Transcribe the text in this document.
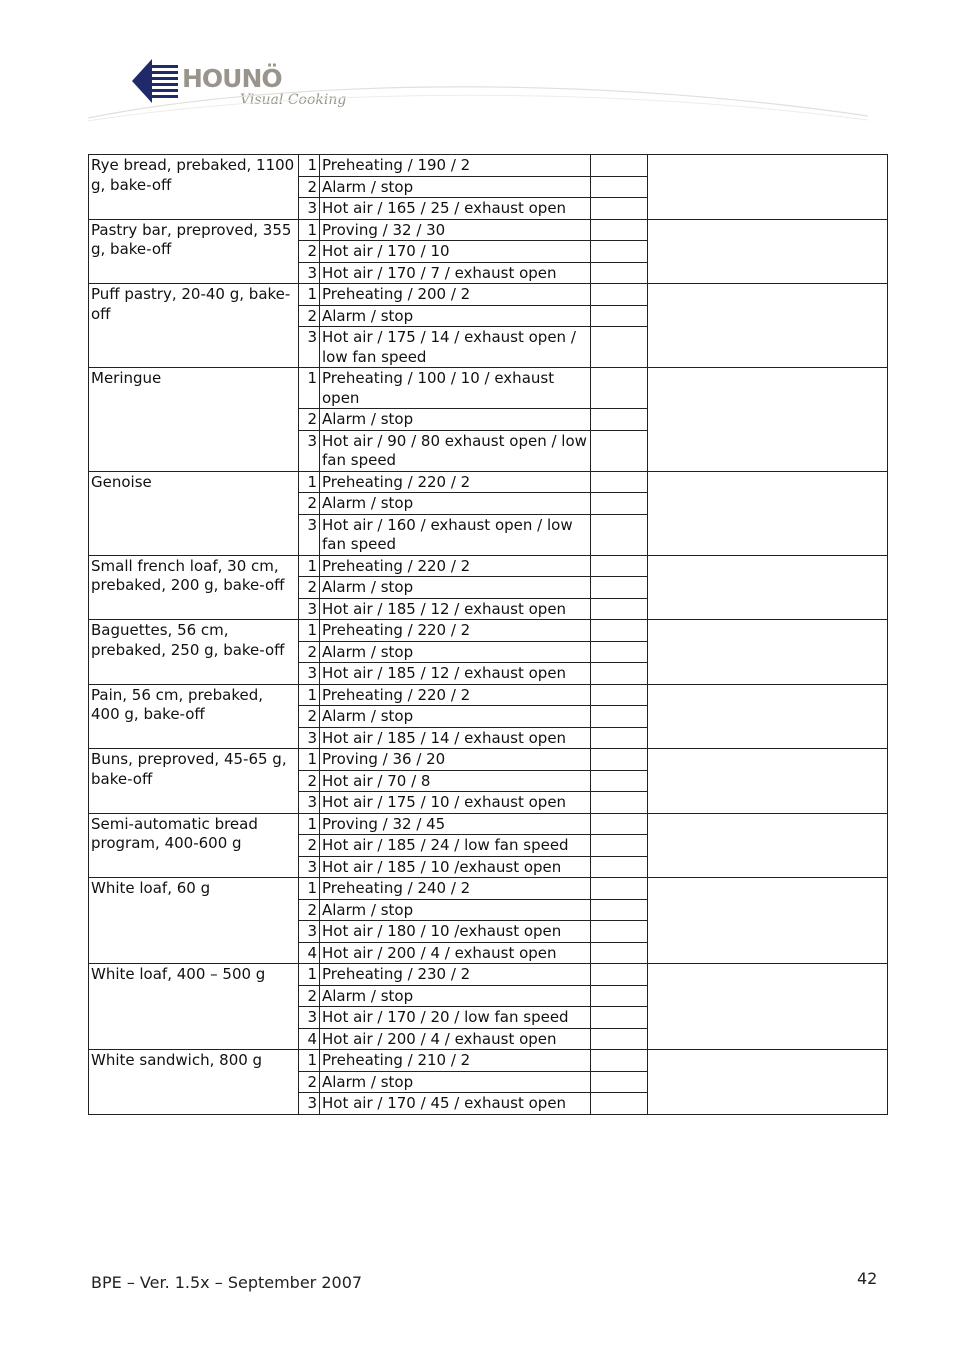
HOUNÖ
Visual Cooking
Rye bread, prebaked, 1100 g, bake-off	1	Preheating / 190 / 2		
	2	Alarm / stop		
	3	Hot air / 165 / 25 / exhaust open		
Pastry bar, preproved, 355 g, bake-off	1	Proving / 32 / 30		
	2	Hot air / 170 / 10		
	3	Hot air / 170 / 7 / exhaust open		
Puff pastry, 20-40 g, bake-off	1	Preheating / 200 / 2		
	2	Alarm / stop		
	3	Hot air / 175 / 14 / exhaust open / low fan speed		
Meringue	1	Preheating / 100 / 10 / exhaust open		
	2	Alarm / stop		
	3	Hot air / 90 / 80 exhaust open / low fan speed		
Genoise	1	Preheating / 220 / 2		
	2	Alarm / stop		
	3	Hot air / 160 / exhaust open / low fan speed		
Small french loaf, 30 cm, prebaked, 200 g, bake-off	1	Preheating / 220 / 2		
	2	Alarm / stop		
	3	Hot air / 185 / 12 / exhaust open		
Baguettes, 56 cm, prebaked, 250 g, bake-off	1	Preheating / 220 / 2		
	2	Alarm / stop		
	3	Hot air / 185 / 12 / exhaust open		
Pain, 56 cm, prebaked, 400 g, bake-off	1	Preheating / 220 / 2		
	2	Alarm / stop		
	3	Hot air / 185 / 14 / exhaust open		
Buns, preproved, 45-65 g, bake-off	1	Proving / 36 / 20		
	2	Hot air / 70 / 8		
	3	Hot air / 175 / 10 / exhaust open		
Semi-automatic bread program, 400-600 g	1	Proving / 32 / 45		
	2	Hot air / 185 / 24 / low fan speed		
	3	Hot air / 185 / 10 /exhaust open		
White loaf, 60 g	1	Preheating / 240 / 2		
	2	Alarm / stop		
	3	Hot air / 180 / 10 /exhaust open		
	4	Hot air / 200 / 4 / exhaust open		
White loaf, 400 – 500 g	1	Preheating / 230 / 2		
	2	Alarm / stop		
	3	Hot air / 170 / 20 / low fan speed		
	4	Hot air / 200 / 4 / exhaust open		
White sandwich, 800 g	1	Preheating / 210 / 2		
	2	Alarm / stop		
	3	Hot air / 170 / 45 / exhaust open		
BPE – Ver. 1.5x – September 2007	42
